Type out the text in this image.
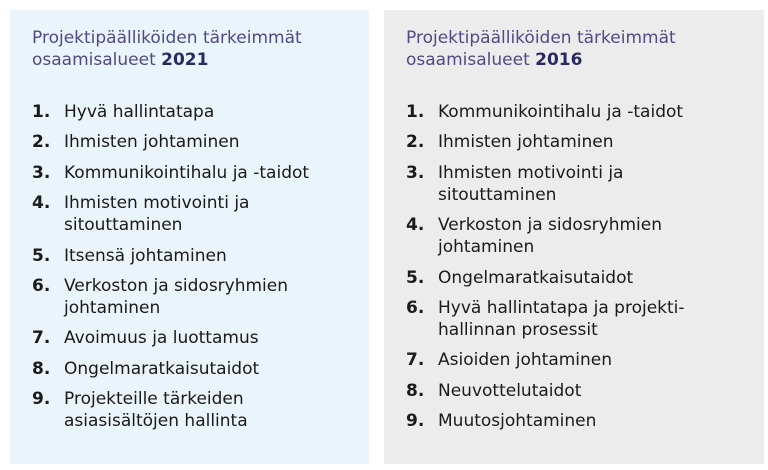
Projektipäälliköiden tärkeimmät osaamisalueet 2021
1. Hyvä hallintatapa
2. Ihmisten johtaminen
3. Kommunikointihalu ja -taidot
4. Ihmisten motivointi ja
sitouttaminen
5. Itsensä johtaminen
6. Verkoston ja sidosryhmien
johtaminen
7. Avoimuus ja luottamus
8. Ongelmaratkaisutaidot
9. Projekteille tärkeiden
asiasisältöjen hallinta
Projektipäälliköiden tärkeimmät osaamisalueet 2016
1. Kommunikointihalu ja -taidot
2. Ihmisten johtaminen
3. Ihmisten motivointi ja
sitouttaminen
4. Verkoston ja sidosryhmien
johtaminen
5. Ongelmaratkaisutaidot
6. Hyvä hallintatapa ja projekti-
hallinnan prosessit
7. Asioiden johtaminen
8. Neuvottelutaidot
9. Muutosjohtaminen
